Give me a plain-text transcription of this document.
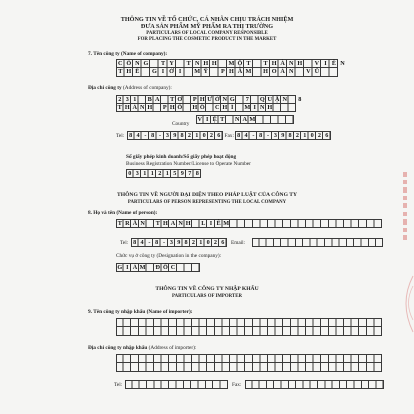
THÔNG TIN VỀ TỔ CHỨC, CÁ NHÂN CHỊU TRÁCH NHIỆM
ĐƯA SẢN PHẨM MỸ PHẨM RA THỊ TRƯỜNG
PARTICULARS OF LOCAL COMPANY RESPONSIBLE
FOR PLACING THE COSMETIC PRODUCT IN THE MARKET
7. Tên công ty (Name of company):
C Ô N G T Y T N H H M Ộ T T H À N H V I Ê N
T H Ế G I Ớ I M Ỹ P H Ẩ M H O À N V Ũ
Địa chỉ công ty (Address of company):
2 3 1 B A T Ơ P H Ư Ờ N G 7 Q U Ậ N 8
T H À N H P H Ố H Ồ C H Í M I N H
Country
V I Ệ T N A M
Tel: 8 4 - 8 - 3 9 8 2 1 0 2 6 Fax: 8 4 - 8 - 3 9 8 2 1 0 2 6
Số giấy phép kinh doanh/Số giấy phép hoạt động
Business Registration Number/License to Operate Number
0 3 1 1 2 1 5 9 7 8
THÔNG TIN VỀ NGƯỜI ĐẠI DIỆN THEO PHÁP LUẬT CỦA CÔNG TY
PARTICULARS OF PERSON REPRESENTING THE LOCAL COMPANY
8. Họ và tên (Name of person):
T R Ầ N T H A N H L I Ê M
Tel: 8 4 - 8 - 3 9 8 2 1 0 2 6	Email:
Chức vụ ở công ty (Designation in the company):
G I Á M Đ Ố C
THÔNG TIN VỀ CÔNG TY NHẬP KHẨU
PARTICULARS OF IMPORTER
9. Tên công ty nhập khẩu (Name of importer):
Địa chỉ công ty nhập khẩu (Address of importer):
Tel:	Fax:
